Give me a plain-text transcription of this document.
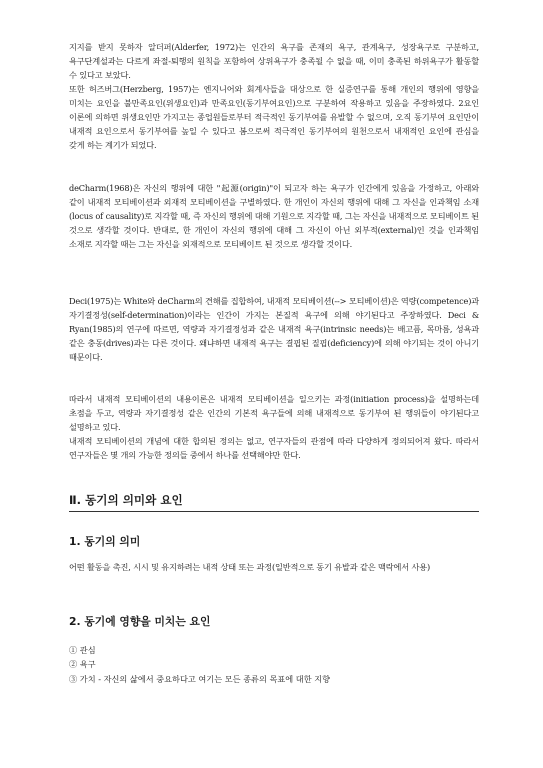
지지를 받지 못하자 알더퍼(Alderfer, 1972)는 인간의 욕구를 존재의 욕구, 관계욕구, 성장욕구로 구분하고, 욕구단계설과는 다르게 좌절-퇴행의 원칙을 포함하여 상위욕구가 충족될 수 없을 때, 이미 충족된 하위욕구가 활동할 수 있다고 보았다.

또한 허즈버그(Herzberg, 1957)는 엔지니어와 회계사들을 대상으로 한 실증연구를 통해 개인의 행위에 영향을 미치는 요인을 불만족요인(위생요인)과 만족요인(동기부여요인)으로 구분하여 작용하고 있음을 주장하였다. 2요인 이론에 의하면 위생요인만 가지고는 종업원들로부터 적극적인 동기부여를 유발할 수 없으며, 오직 동기부여 요인만이 내재적 요인으로서 동기부여를 높일 수 있다고 봄으로써 적극적인 동기부여의 원천으로서 내재적인 요인에 관심을 갖게 하는 계기가 되었다.

deCharm(1968)은 자신의 행위에 대한 "起源(origin)"이 되고자 하는 욕구가 인간에게 있음을 가정하고, 아래와 같이 내재적 모티베이션과 외재적 모티베이션을 구별하였다. 한 개인이 자신의 행위에 대해 그 자신을 인과책임 소재(locus of causality)로 지각할 때, 즉 자신의 행위에 대해 기원으로 지각할 때, 그는 자신을 내재적으로 모티베이트 된 것으로 생각할 것이다. 반대로, 한 개인이 자신의 행위에 대해 그 자신이 아닌 외부적(external)인 것을 인과책임 소재로 지각할 때는 그는 자신을 외재적으로 모티베이트 된 것으로 생각할 것이다.

Deci(1975)는 White와 deCharm의 견해를 집합하여, 내재적 모티베이션(--> 모티베이션)은 역량(competence)과 자기결정성(self-determination)이라는 인간이 가지는 본질적 욕구에 의해 야기된다고 주장하였다. Deci & Ryan(1985)의 연구에 따르면, 역량과 자기결정성과 같은 내재적 욕구(intrinsic needs)는 배고픔, 목마름, 성욕과 같은 충동(drives)과는 다른 것이다. 왜냐하면 내재적 욕구는 결핍된 질핍(deficiency)에 의해 야기되는 것이 아니기 때문이다.

따라서 내재적 모티베이션의 내용이론은 내재적 모티베이션을 일으키는 과정(initiation process)을 설명하는데 초점을 두고, 역량과 자기결정성 같은 인간의 기본적 욕구들에 의해 내재적으로 동기부여 된 행위들이 야기된다고 설명하고 있다.

내재적 모티베이션의 개념에 대한 합의된 정의는 없고, 연구자들의 관점에 따라 다양하게 정의되어져 왔다. 따라서 연구자들은 몇 개의 가능한 정의들 중에서 하나를 선택해야만 한다.

Ⅱ. 동기의 의미와 요인
1. 동기의 의미

어떤 활동을 촉진, 시시 및 유지하려는 내적 상태 또는 과정(일반적으로 동기 유발과 같은 맥락에서 사용)

2. 동기에 영향을 미치는 요인

① 관심

② 욕구

③ 가치 - 자신의 삶에서 중요하다고 여기는 모든 종류의 목표에 대한 지향
